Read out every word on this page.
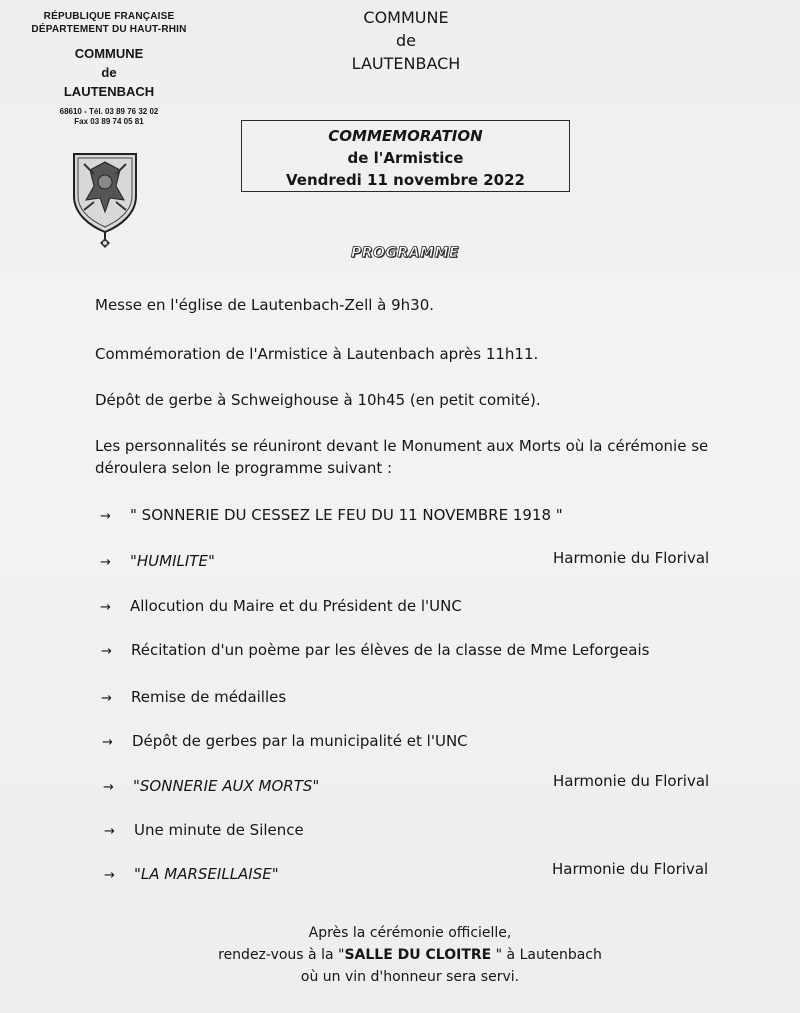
RÉPUBLIQUE FRANÇAISE
DÉPARTEMENT DU HAUT-RHIN
COMMUNE
de
LAUTENBACH
68610 - Tél. 03 89 76 32 02
Fax 03 89 74 05 81
COMMUNE
de
LAUTENBACH
COMMEMORATION
de l'Armistice
Vendredi 11 novembre 2022
PROGRAMME
Messe en l'église de Lautenbach-Zell à 9h30.
Commémoration de l'Armistice à Lautenbach après 11h11.
Dépôt de gerbe à Schweighouse à 10h45 (en petit comité).
Les personnalités se réuniront devant le Monument aux Morts où la cérémonie se
déroulera selon le programme suivant :
→ " SONNERIE DU CESSEZ LE FEU DU 11 NOVEMBRE 1918 "
→ "HUMILITE"	Harmonie du Florival
→ Allocution du Maire et du Président de l'UNC
→ Récitation d'un poème par les élèves de la classe de Mme Leforgeais
→ Remise de médailles
→ Dépôt de gerbes par la municipalité et l'UNC
→ "SONNERIE AUX MORTS"	Harmonie du Florival
→ Une minute de Silence
→ "LA MARSEILLAISE"	Harmonie du Florival
Après la cérémonie officielle,
rendez-vous à la "SALLE DU CLOITRE " à Lautenbach
où un vin d'honneur sera servi.
